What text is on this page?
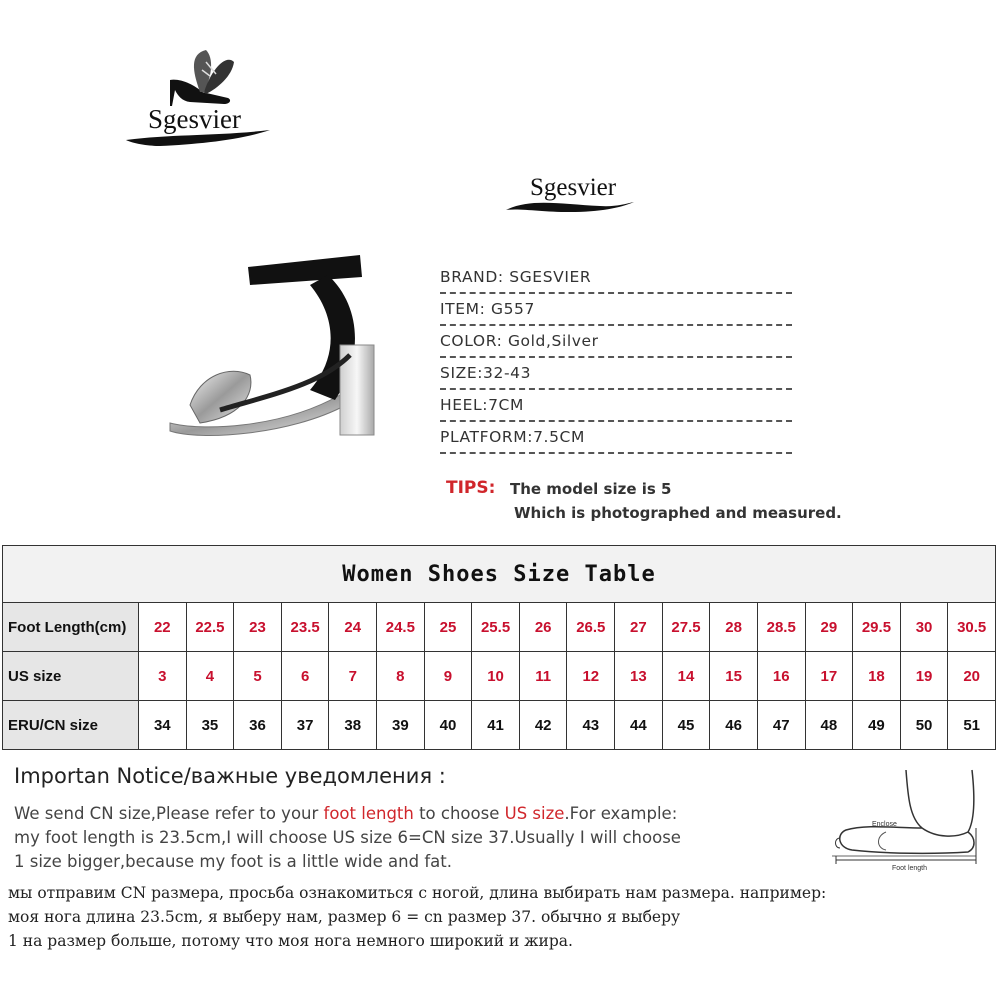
Sgesvier
Sgesvier
BRAND: SGESVIER
ITEM: G557
COLOR: Gold,Silver
SIZE:32-43
HEEL:7CM
PLATFORM:7.5CM
TIPS: The model size is 5
Which is photographed and measured.
Women Shoes Size Table																		
Foot Length(cm)	22	22.5	23	23.5	24	24.5	25	25.5	26	26.5	27	27.5	28	28.5	29	29.5	30	30.5
US size	3	4	5	6	7	8	9	10	11	12	13	14	15	16	17	18	19	20
ERU/CN size	34	35	36	37	38	39	40	41	42	43	44	45	46	47	48	49	50	51
Importan Notice/важные уведомления :
We send CN size,Please refer to your foot length to choose US size.For example:
my foot length is 23.5cm,I will choose US size 6=CN size 37.Usually I will choose
1 size bigger,because my foot is a little wide and fat.
мы отправим CN размера, просьба ознакомиться с ногой, длина выбирать нам размера. например:
моя нога длина 23.5cm, я выберу нам, размер 6 = cn размер 37. обычно я выберу
1 на размер больше, потому что моя нога немного широкий и жира.
Enclose
Foot length
